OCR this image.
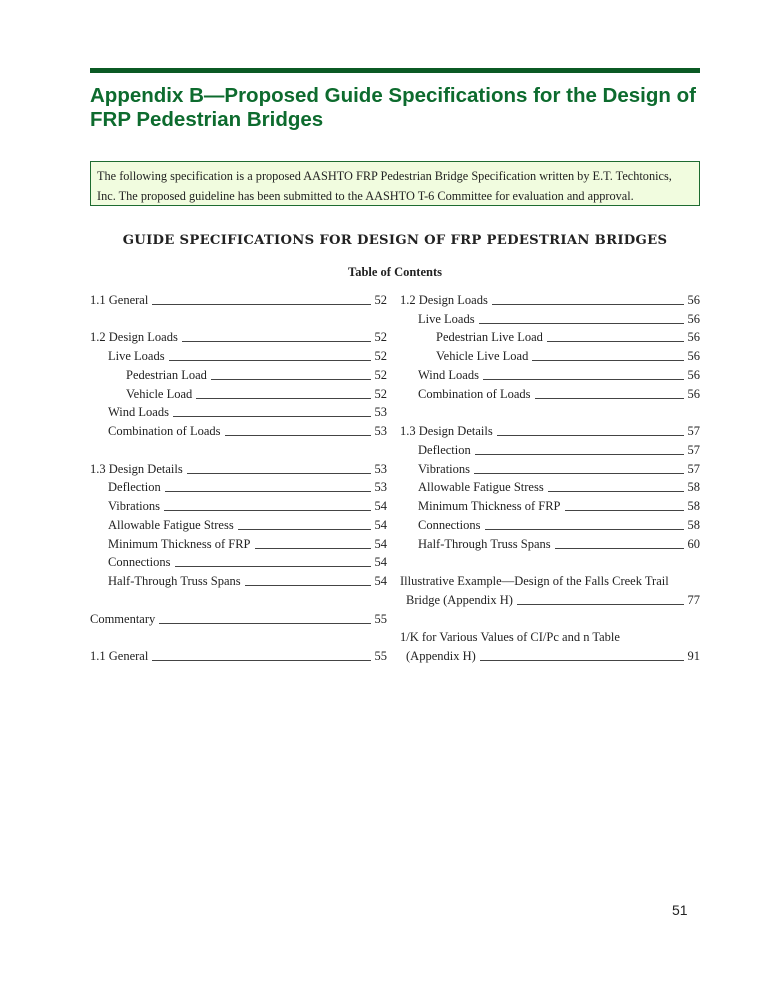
Appendix B—Proposed Guide Specifications for the Design of FRP Pedestrian Bridges
The following specification is a proposed AASHTO FRP Pedestrian Bridge Specification written by E.T. Techtonics, Inc. The proposed guideline has been submitted to the AASHTO T-6 Committee for evaluation and approval.
GUIDE SPECIFICATIONS FOR DESIGN OF FRP PEDESTRIAN BRIDGES
Table of Contents
1.1 General	52
1.2 Design Loads	52
Live Loads	52
Pedestrian Load	52
Vehicle Load	52
Wind Loads	53
Combination of Loads	53
1.3 Design Details	53
Deflection	53
Vibrations	54
Allowable Fatigue Stress	54
Minimum Thickness of FRP	54
Connections	54
Half-Through Truss Spans	54
Commentary	55
1.1 General	55
1.2 Design Loads	56
Live Loads	56
Pedestrian Live Load	56
Vehicle Live Load	56
Wind Loads	56
Combination of Loads	56
1.3 Design Details	57
Deflection	57
Vibrations	57
Allowable Fatigue Stress	58
Minimum Thickness of FRP	58
Connections	58
Half-Through Truss Spans	60
Illustrative Example—Design of the Falls Creek Trail
Bridge (Appendix H)	77
1/K for Various Values of CI/Pc and n Table
(Appendix H)	91
51
